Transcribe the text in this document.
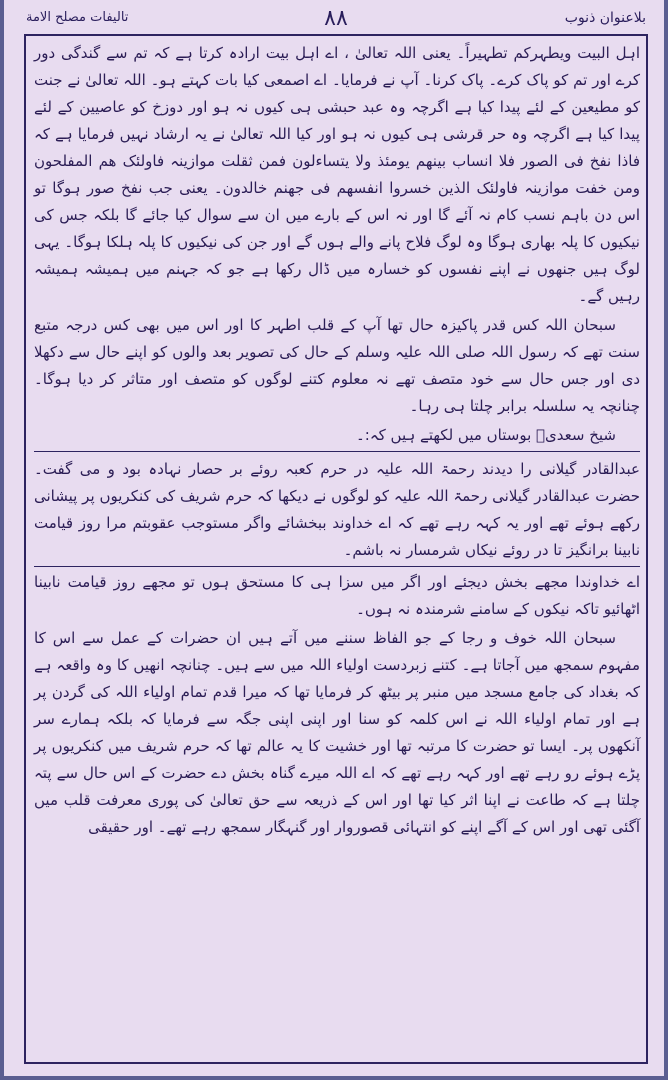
بلاعنوان ذنوب
۸۸
تالیفات مصلح الامة

اہل البیت ویطہرکم تطہیراً۔ یعنی اللہ تعالیٰ ، اے اہل بیت ارادہ کرتا ہے کہ تم سے گندگی دور کرے اور تم کو پاک کرے۔ پاک کرنا۔ آپ نے فرمایا۔ اے اصمعی کیا بات کہتے ہو۔ اللہ تعالیٰ نے جنت کو مطیعین کے لئے پیدا کیا ہے اگرچہ وہ عبد حبشی ہی کیوں نہ ہو اور دوزخ کو عاصیین کے لئے پیدا کیا ہے اگرچہ وہ حر قرشی ہی کیوں نہ ہو اور کیا اللہ تعالیٰ نے یہ ارشاد نہیں فرمایا ہے کہ فاذا نفخ فی الصور فلا انساب بینھم یومئذ ولا یتساءلون فمن ثقلت موازینہ فاولئک ھم المفلحون ومن خفت موازینہ فاولئک الذین خسروا انفسھم فی جھنم خالدون۔ یعنی جب نفخ صور ہوگا تو اس دن باہم نسب کام نہ آئے گا اور نہ اس کے بارے میں ان سے سوال کیا جائے گا بلکہ جس کی نیکیوں کا پلہ بھاری ہوگا وہ لوگ فلاح پانے والے ہوں گے اور جن کی نیکیوں کا پلہ ہلکا ہوگا۔ یہی لوگ ہیں جنھوں نے اپنے نفسوں کو خسارہ میں ڈال رکھا ہے جو کہ جہنم میں ہمیشہ ہمیشہ رہیں گے۔

سبحان اللہ کس قدر پاکیزہ حال تھا آپ کے قلب اطہر کا اور اس میں بھی کس درجہ متبع سنت تھے کہ رسول اللہ صلی اللہ علیہ وسلم کے حال کی تصویر بعد والوں کو اپنے حال سے دکھلا دی اور جس حال سے خود متصف تھے نہ معلوم کتنے لوگوں کو متصف اور متاثر کر دیا ہوگا۔ چنانچہ یہ سلسلہ برابر چلتا ہی رہا۔

شیخ سعدیؒ بوستاں میں لکھتے ہیں کہ:۔

عبدالقادر گیلانی را دیدند رحمۃ اللہ علیہ در حرم کعبہ روئے بر حصار نہادہ بود و می گفت۔ حضرت عبدالقادر گیلانی رحمۃ اللہ علیہ کو لوگوں نے دیکھا کہ حرم شریف کی کنکریوں پر پیشانی رکھے ہوئے تھے اور یہ کہہ رہے تھے کہ اے خداوند ببخشائے واگر مستوجب عقوبتم مرا روز قیامت نابینا برانگیز تا در روئے نیکاں شرمسار نہ باشم۔

اے خداوندا مجھے بخش دیجئے اور اگر میں سزا ہی کا مستحق ہوں تو مجھے روز قیامت نابینا اٹھائیو تاکہ نیکوں کے سامنے شرمندہ نہ ہوں۔

سبحان اللہ خوف و رجا کے جو الفاظ سننے میں آتے ہیں ان حضرات کے عمل سے اس کا مفہوم سمجھ میں آجاتا ہے۔ کتنے زبردست اولیاء اللہ میں سے ہیں۔ چنانچہ انھیں کا وہ واقعہ ہے کہ بغداد کی جامع مسجد میں منبر پر بیٹھ کر فرمایا تھا کہ میرا قدم تمام اولیاء اللہ کی گردن پر ہے اور تمام اولیاء اللہ نے اس کلمہ کو سنا اور اپنی اپنی جگہ سے فرمایا کہ بلکہ ہمارے سر آنکھوں پر۔ ایسا تو حضرت کا مرتبہ تھا اور خشیت کا یہ عالم تھا کہ حرم شریف میں کنکریوں پر پڑے ہوئے رو رہے تھے اور کہہ رہے تھے کہ اے اللہ میرے گناہ بخش دے حضرت کے اس حال سے پتہ چلتا ہے کہ طاعت نے اپنا اثر کیا تھا اور اس کے ذریعہ سے حق تعالیٰ کی پوری معرفت قلب میں آگئی تھی اور اس کے آگے اپنے کو انتہائی قصوروار اور گنہگار سمجھ رہے تھے۔ اور حقیقی
